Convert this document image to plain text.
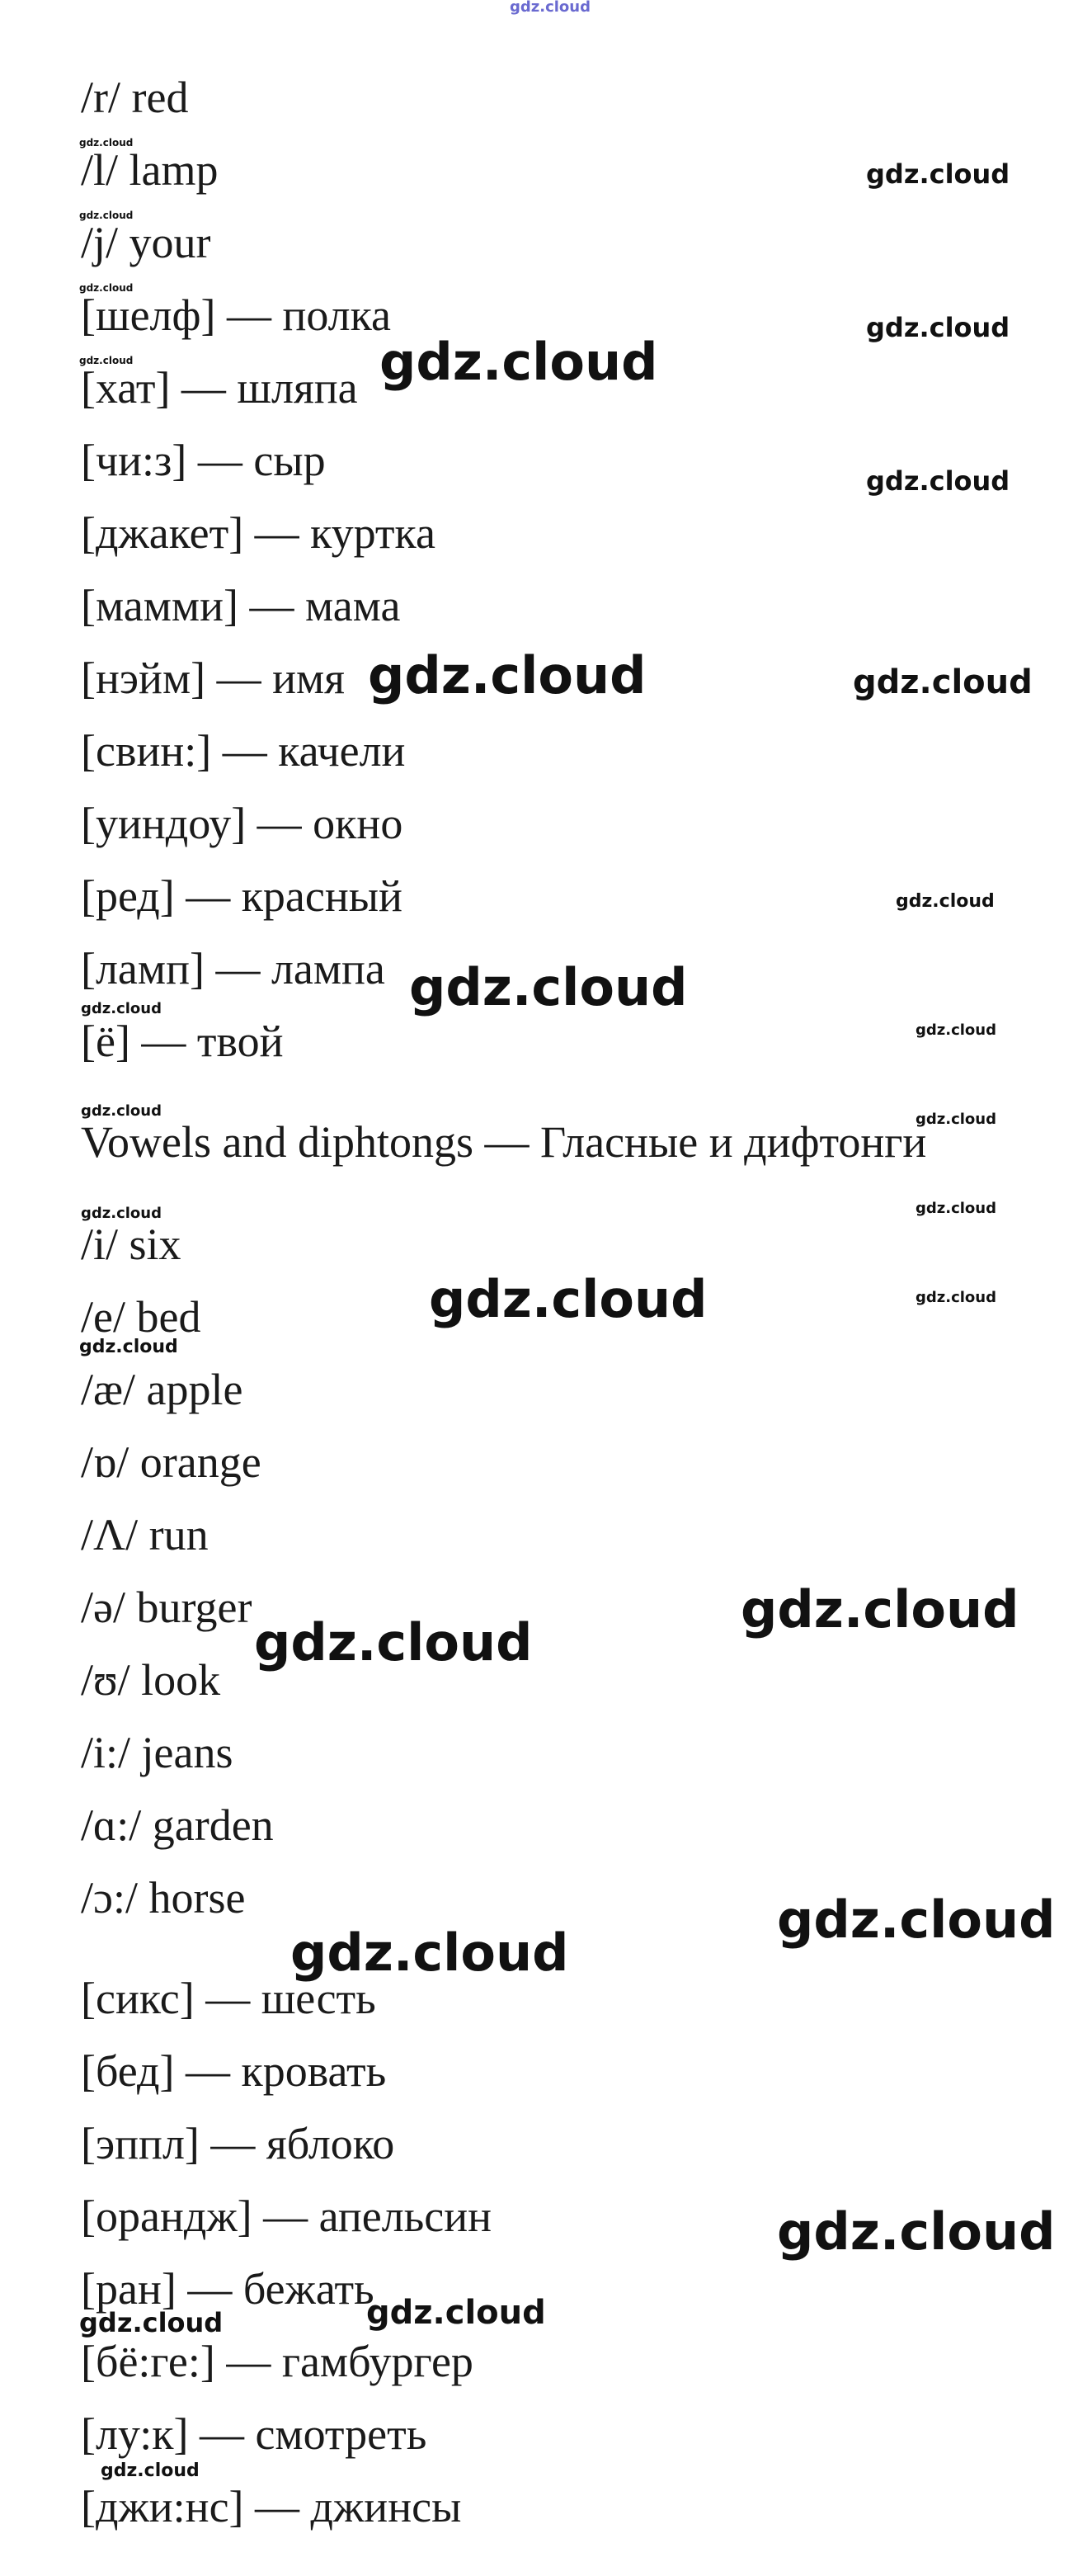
gdz.cloud
/r/ red
/l/ lamp
/j/ your
[шелф] — полка
[хат] — шляпа
[чи:з] — сыр
[джакет] — куртка
[мамми] — мама
[нэйм] — имя
[свин:] — качели
[уиндоу] — окно
[ред] — красный
[ламп] — лампа
[ё] — твой
Vowels and diphtongs — Гласные и дифтонги
/i/ six
/e/ bed
/æ/ apple
/ɒ/ orange
/Λ/ run
/ə/ burger
/ʊ/ look
/i:/ jeans
/ɑ:/ garden
/ɔ:/ horse
[сикс] — шесть
[бед] — кровать
[эппл] — яблоко
[орандж] — апельсин
[ран] — бежать
[бё:ге:] — гамбургер
[лу:к] — смотреть
[джи:нс] — джинсы
gdz.cloud
gdz.cloud
gdz.cloud
gdz.cloud
gdz.cloud
gdz.cloud
gdz.cloud
gdz.cloud
gdz.cloud	gdz.cloud
gdz.cloud
gdz.cloud
gdz.cloud
gdz.cloud
gdz.cloud	gdz.cloud
gdz.cloud	gdz.cloud
gdz.cloud
gdz.cloud
gdz.cloud
gdz.cloud
gdz.cloud
gdz.cloud
gdz.cloud
gdz.cloud
gdz.cloud
gdz.cloud
gdz.cloud
